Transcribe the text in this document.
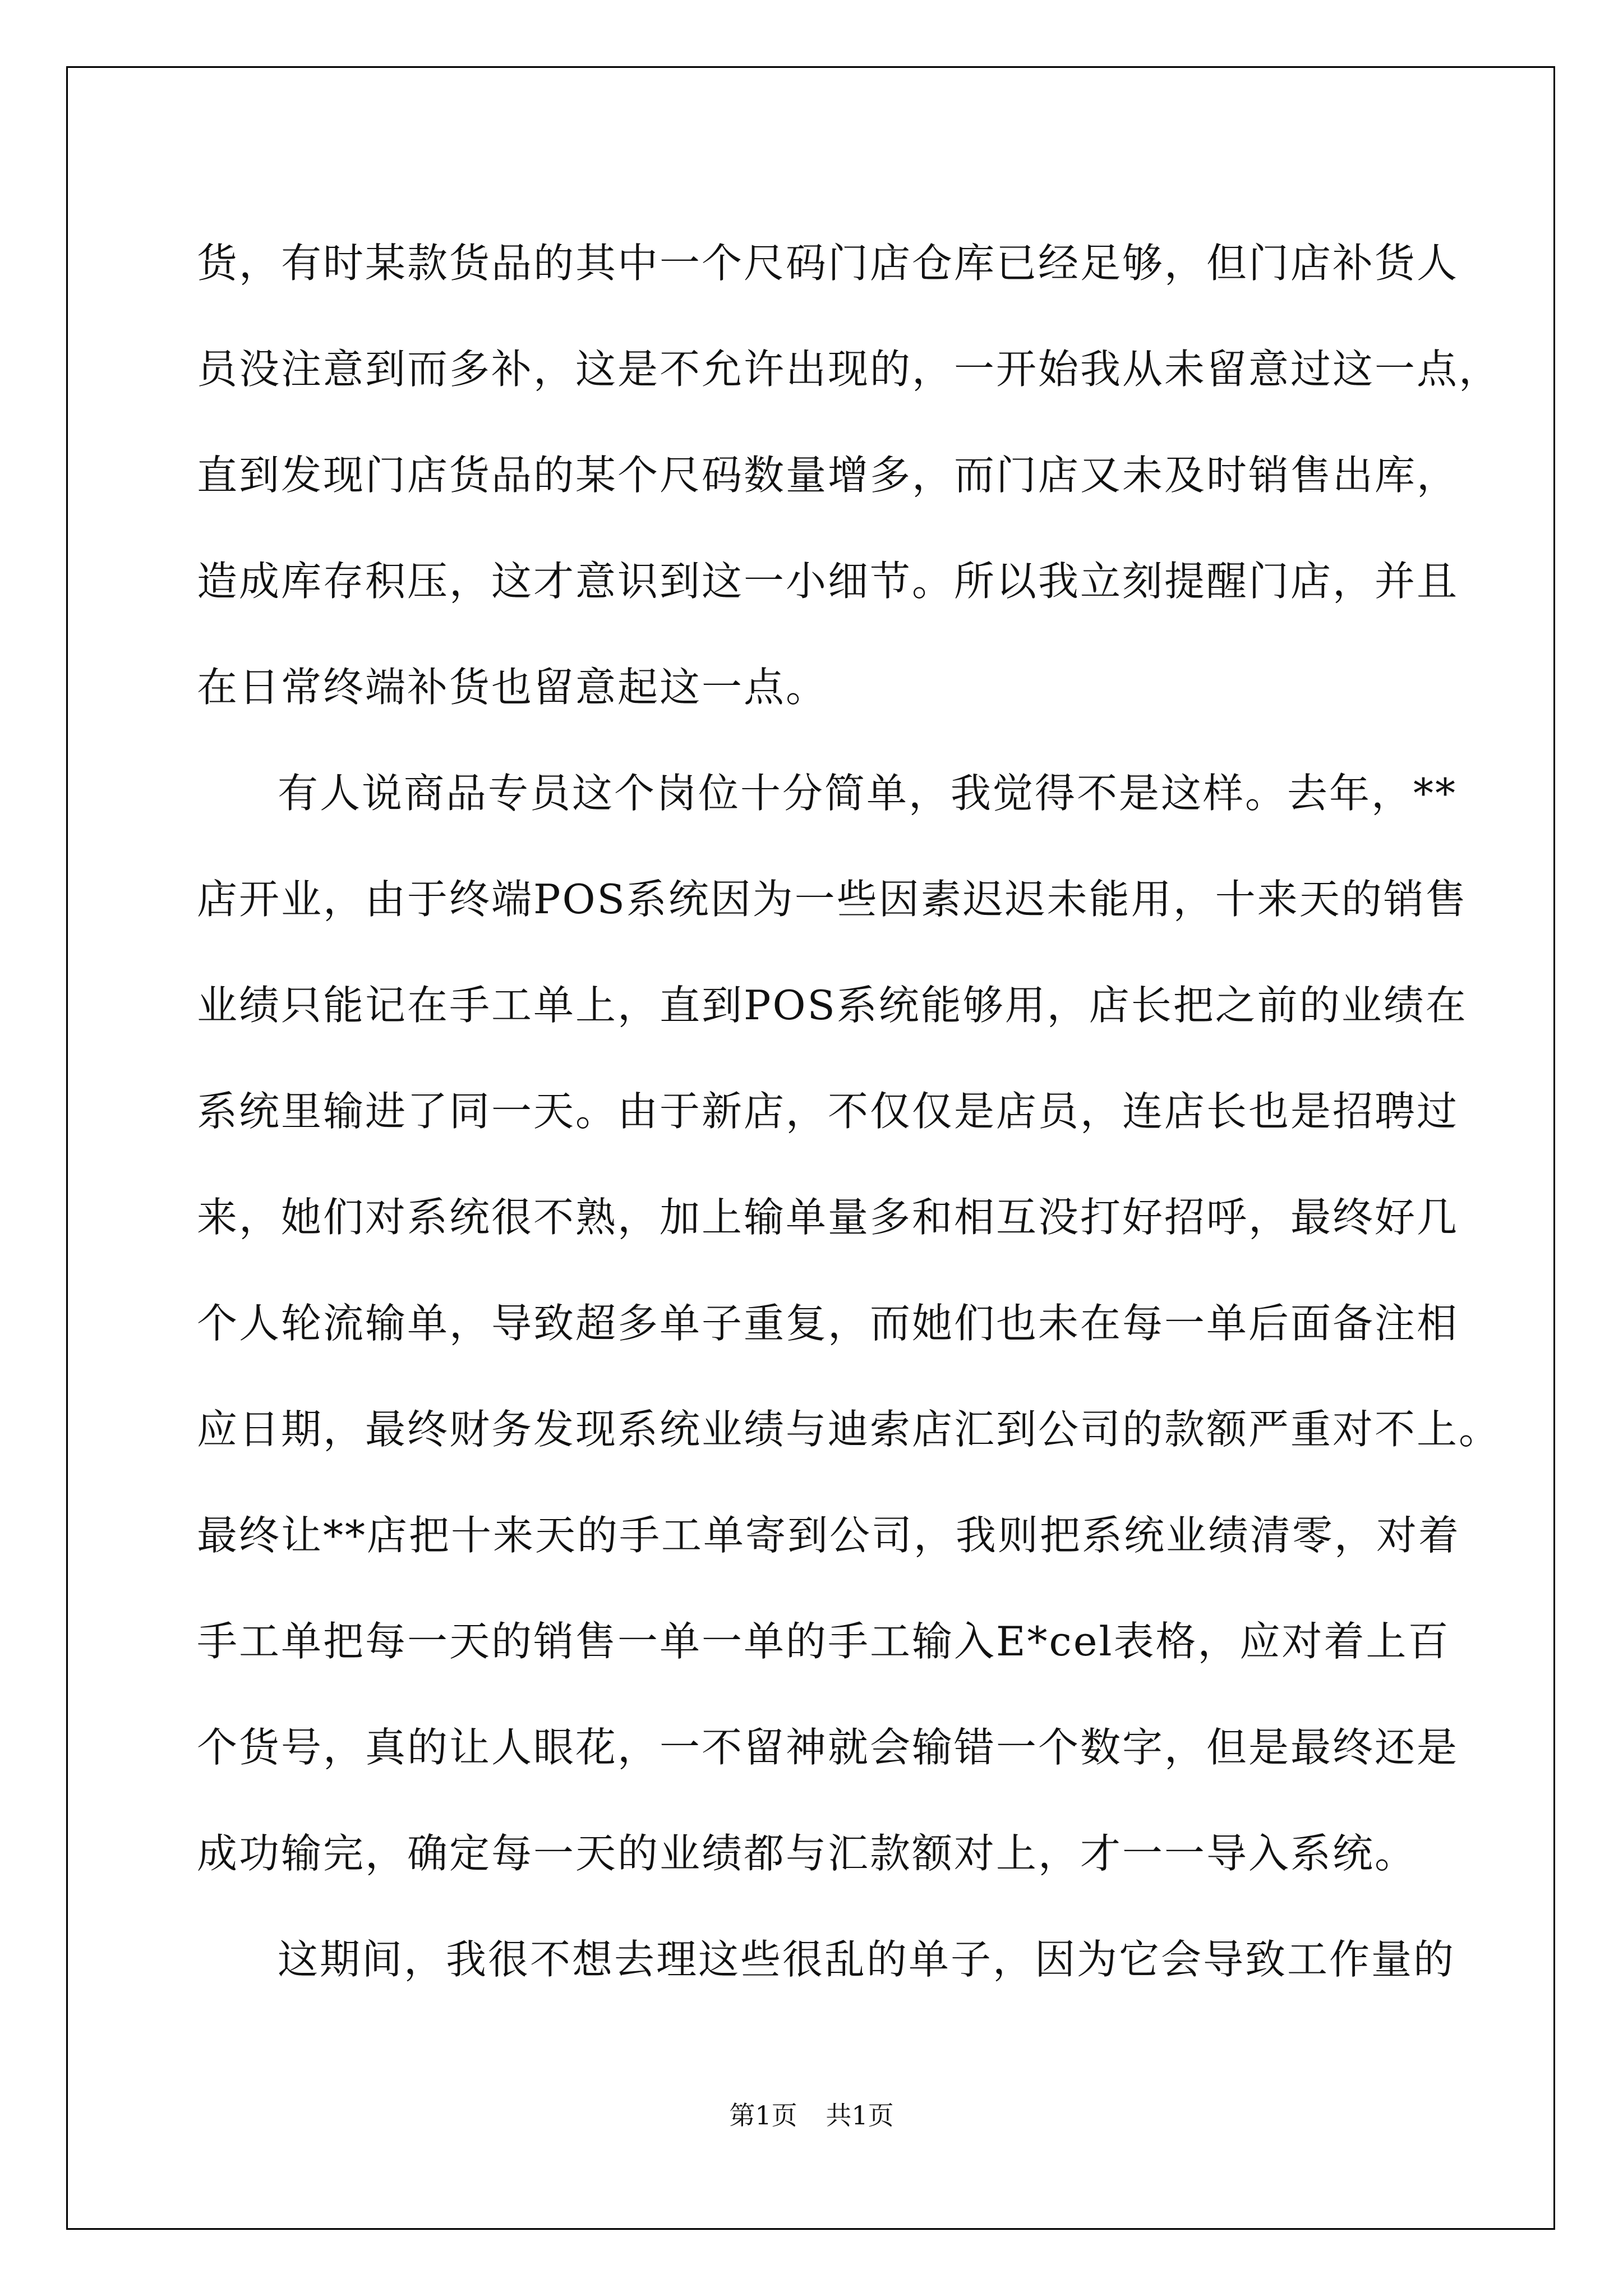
货，有时某款货品的其中一个尺码门店仓库已经足够，但门店补货人
员没注意到而多补，这是不允许出现的，一开始我从未留意过这一点，
直到发现门店货品的某个尺码数量增多，而门店又未及时销售出库，
造成库存积压，这才意识到这一小细节。所以我立刻提醒门店，并且
在日常终端补货也留意起这一点。
有人说商品专员这个岗位十分简单，我觉得不是这样。去年，**
店开业，由于终端POS系统因为一些因素迟迟未能用，十来天的销售
业绩只能记在手工单上，直到POS系统能够用，店长把之前的业绩在
系统里输进了同一天。由于新店，不仅仅是店员，连店长也是招聘过
来，她们对系统很不熟，加上输单量多和相互没打好招呼，最终好几
个人轮流输单，导致超多单子重复，而她们也未在每一单后面备注相
应日期，最终财务发现系统业绩与迪索店汇到公司的款额严重对不上。
最终让**店把十来天的手工单寄到公司，我则把系统业绩清零，对着
手工单把每一天的销售一单一单的手工输入E*cel表格，应对着上百
个货号，真的让人眼花，一不留神就会输错一个数字，但是最终还是
成功输完，确定每一天的业绩都与汇款额对上，才一一导入系统。
这期间，我很不想去理这些很乱的单子，因为它会导致工作量的
第1页 共1页
